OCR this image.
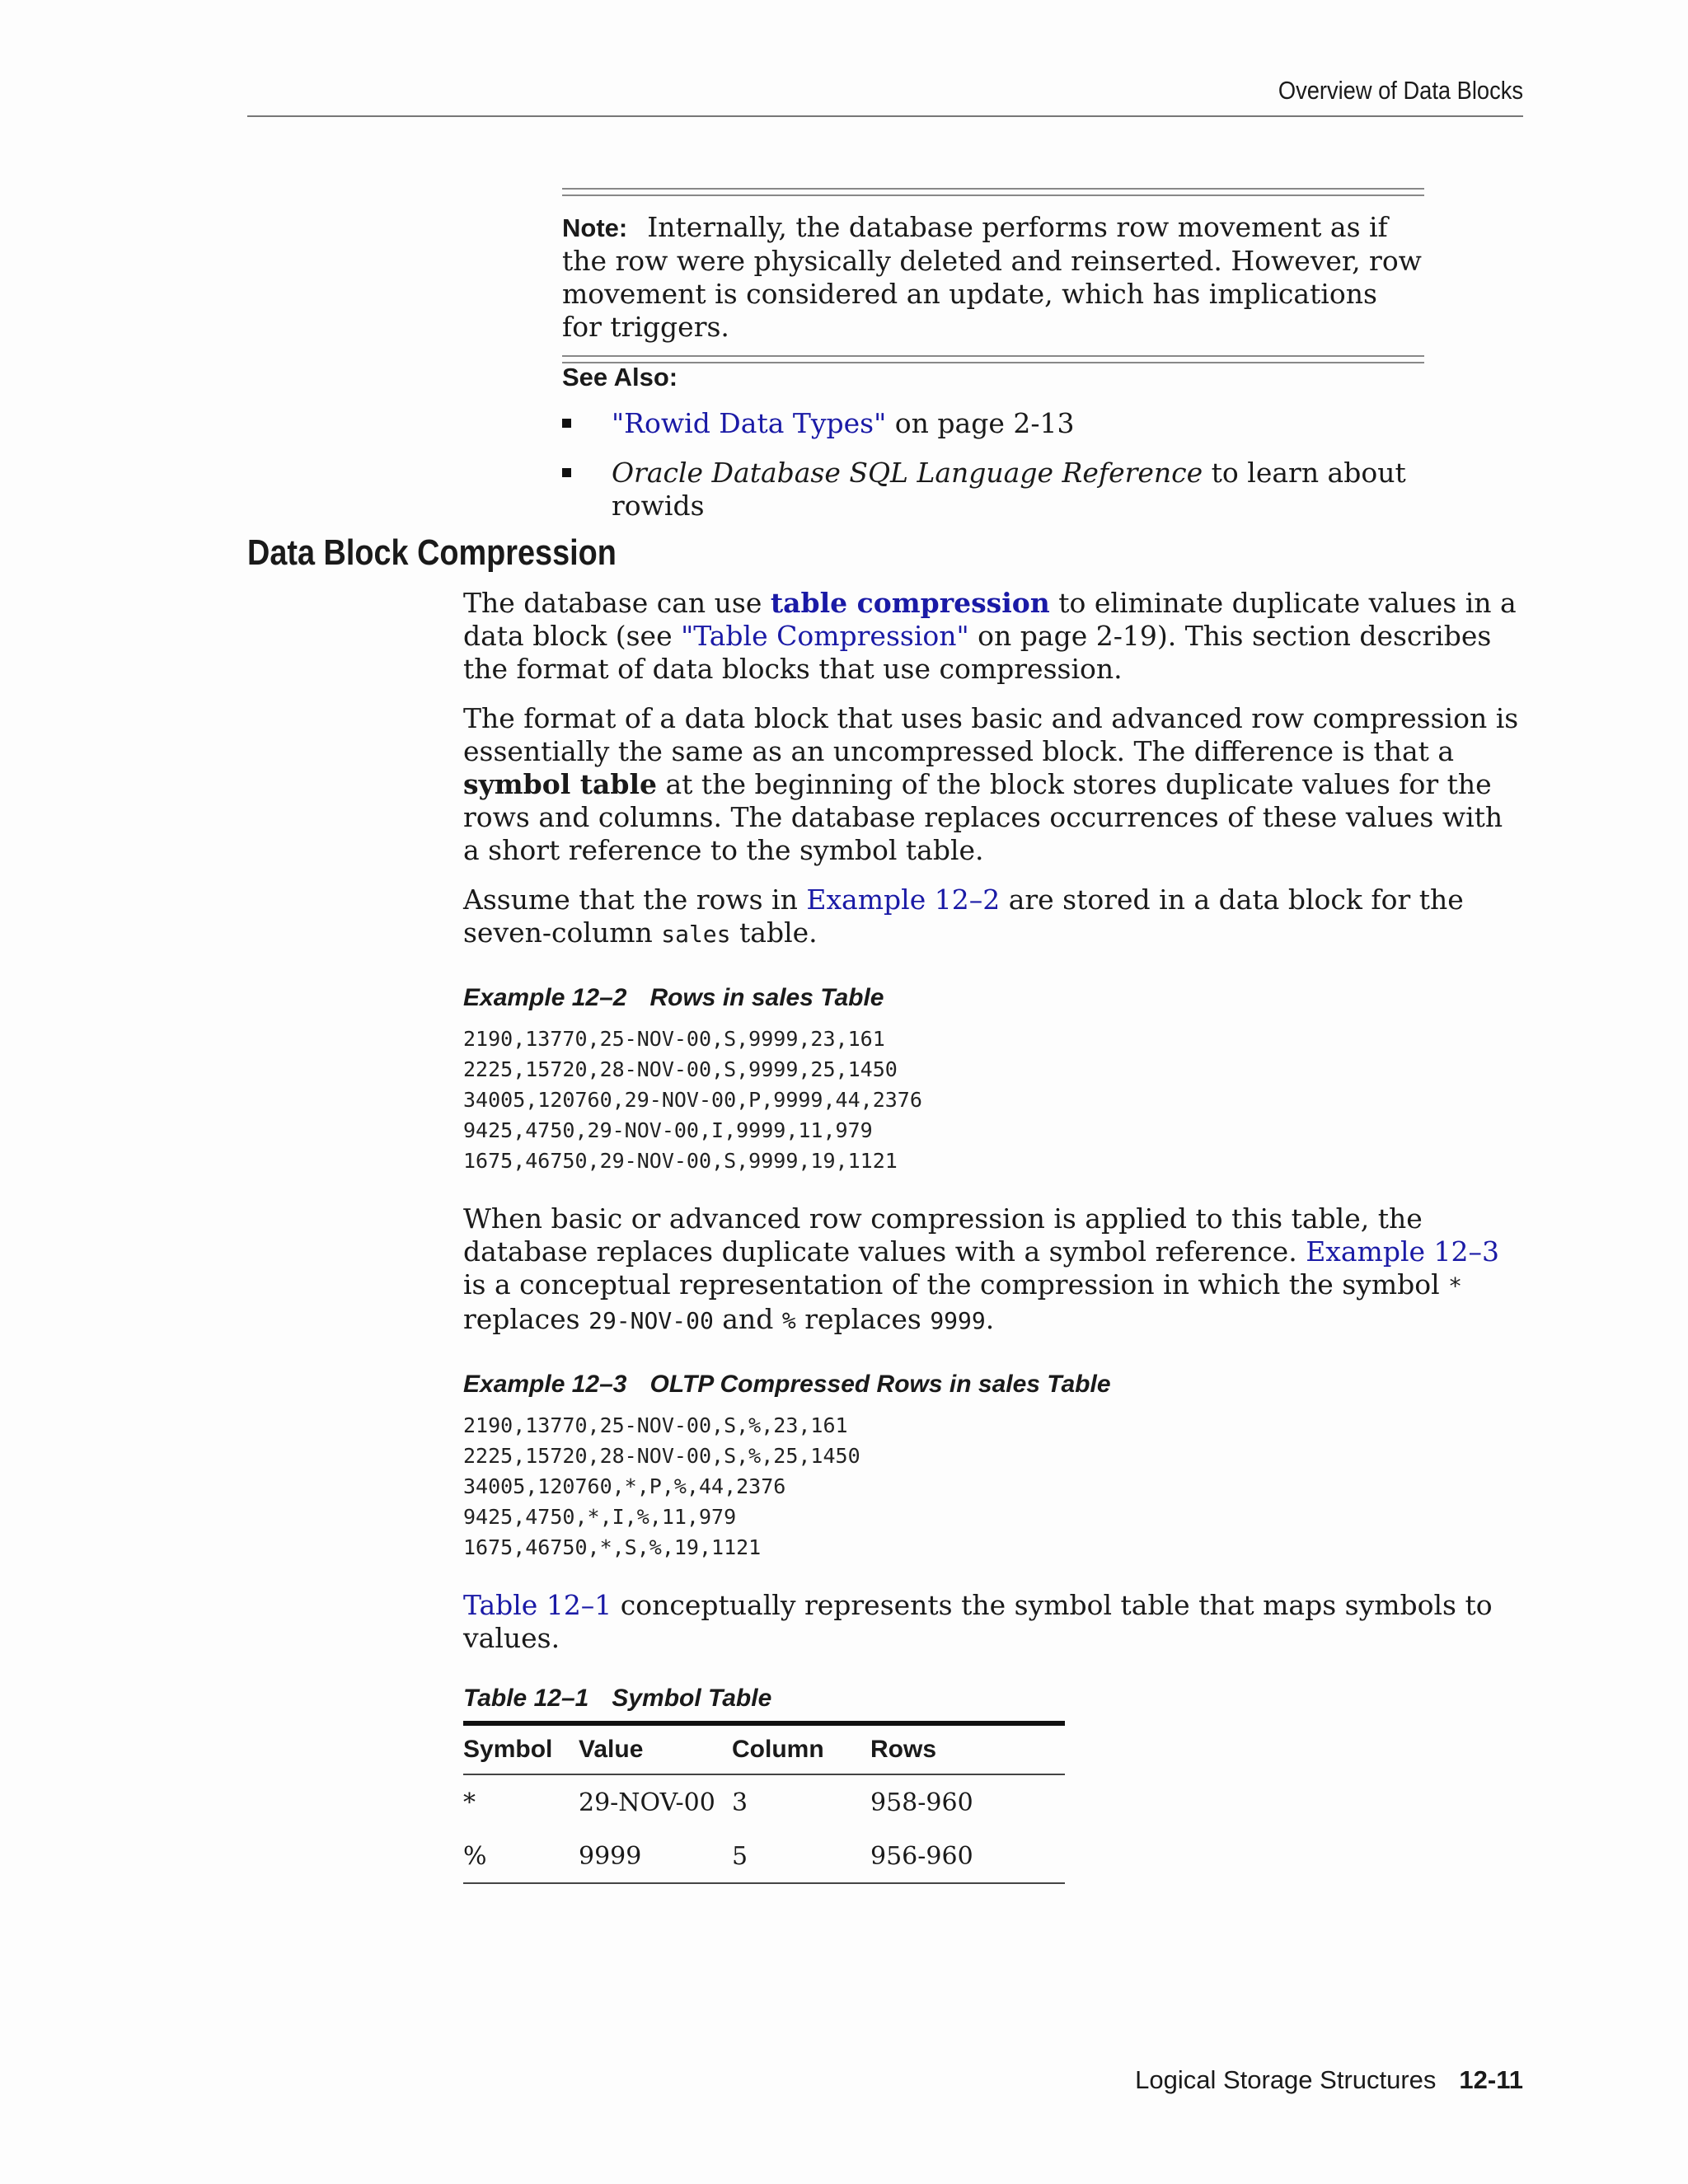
Overview of Data Blocks

Note: Internally, the database performs row movement as if the row were physically deleted and reinserted. However, row movement is considered an update, which has implications for triggers.

See Also:

"Rowid Data Types" on page 2-13
Oracle Database SQL Language Reference to learn about rowids
Data Block Compression

The database can use table compression to eliminate duplicate values in a data block (see "Table Compression" on page 2-19). This section describes the format of data blocks that use compression.

The format of a data block that uses basic and advanced row compression is essentially the same as an uncompressed block. The difference is that a symbol table at the beginning of the block stores duplicate values for the rows and columns. The database replaces occurrences of these values with a short reference to the symbol table.

Assume that the rows in Example 12–2 are stored in a data block for the seven-column sales table.

Example 12–2 Rows in sales Table

2190,13770,25-NOV-00,S,9999,23,161
2225,15720,28-NOV-00,S,9999,25,1450
34005,120760,29-NOV-00,P,9999,44,2376
9425,4750,29-NOV-00,I,9999,11,979
1675,46750,29-NOV-00,S,9999,19,1121

When basic or advanced row compression is applied to this table, the database replaces duplicate values with a symbol reference. Example 12–3 is a conceptual representation of the compression in which the symbol * replaces 29-NOV-00 and % replaces 9999.

Example 12–3 OLTP Compressed Rows in sales Table

2190,13770,25-NOV-00,S,%,23,161
2225,15720,28-NOV-00,S,%,25,1450
34005,120760,*,P,%,44,2376
9425,4750,*,I,%,11,979
1675,46750,*,S,%,19,1121

Table 12–1 conceptually represents the symbol table that maps symbols to values.

Table 12–1 Symbol Table

Symbol	Value	Column	Rows
*	29-NOV-00	3	958-960
%	9999	5	956-960
Logical Storage Structures 12-11
